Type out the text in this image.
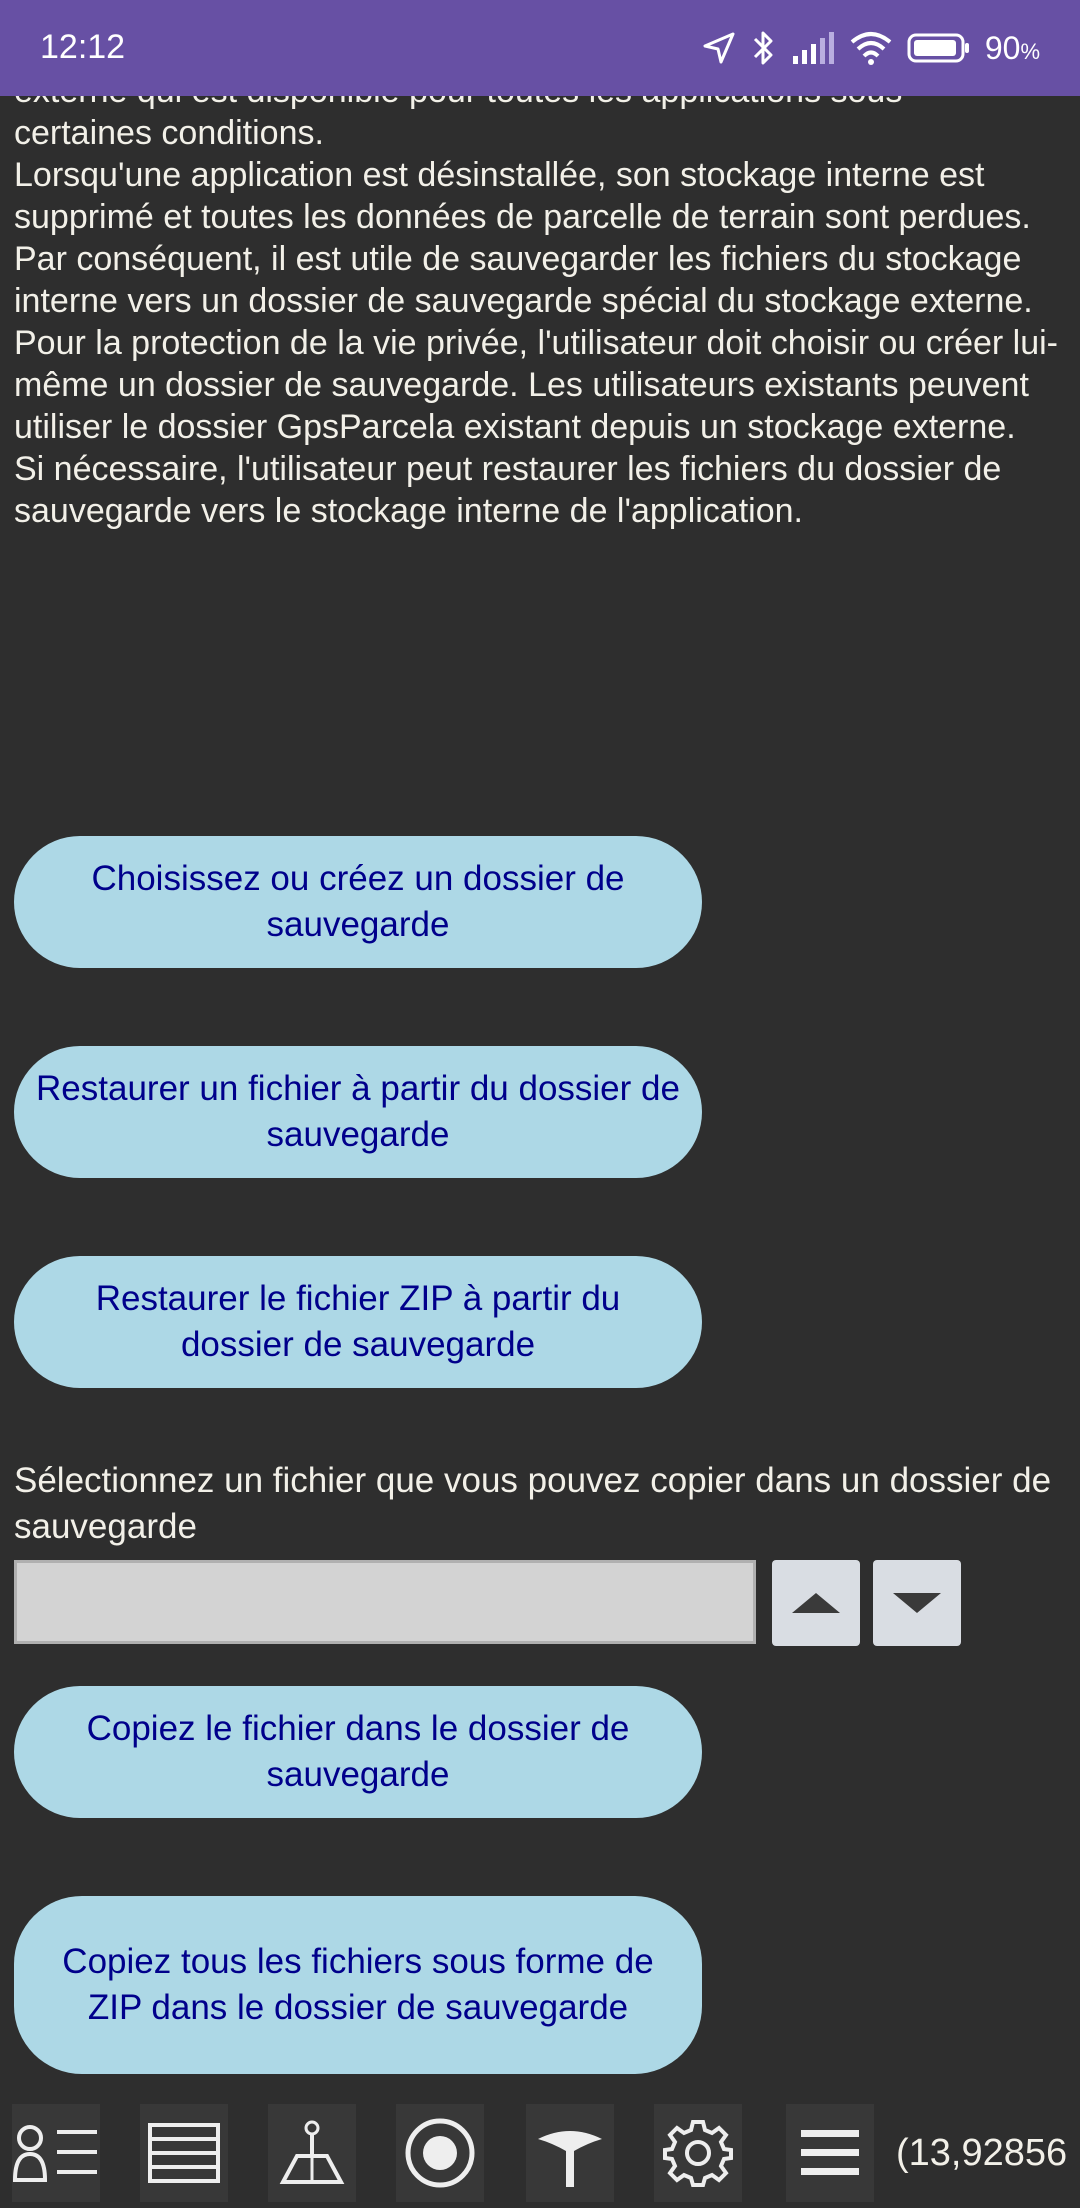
certaines conditions.

Lorsqu'une application est désinstallée, son stockage interne est supprimé et toutes les données de parcelle de terrain sont perdues. Par conséquent, il est utile de sauvegarder les fichiers du stockage interne vers un dossier de sauvegarde spécial du stockage externe.

Pour la protection de la vie privée, l'utilisateur doit choisir ou créer lui-même un dossier de sauvegarde. Les utilisateurs existants peuvent utiliser le dossier GpsParcela existant depuis un stockage externe.

Si nécessaire, l'utilisateur peut restaurer les fichiers du dossier de sauvegarde vers le stockage interne de l'application.

Choisissez ou créez un dossier de sauvegarde
Restaurer un fichier à partir du dossier de sauvegarde
Restaurer le fichier ZIP à partir du dossier de sauvegarde
Sélectionnez un fichier que vous pouvez copier dans un dossier de sauvegarde
Copiez le fichier dans le dossier de sauvegarde
Copiez tous les fichiers sous forme de ZIP dans le dossier de sauvegarde
12:12	90%
(13,92856
